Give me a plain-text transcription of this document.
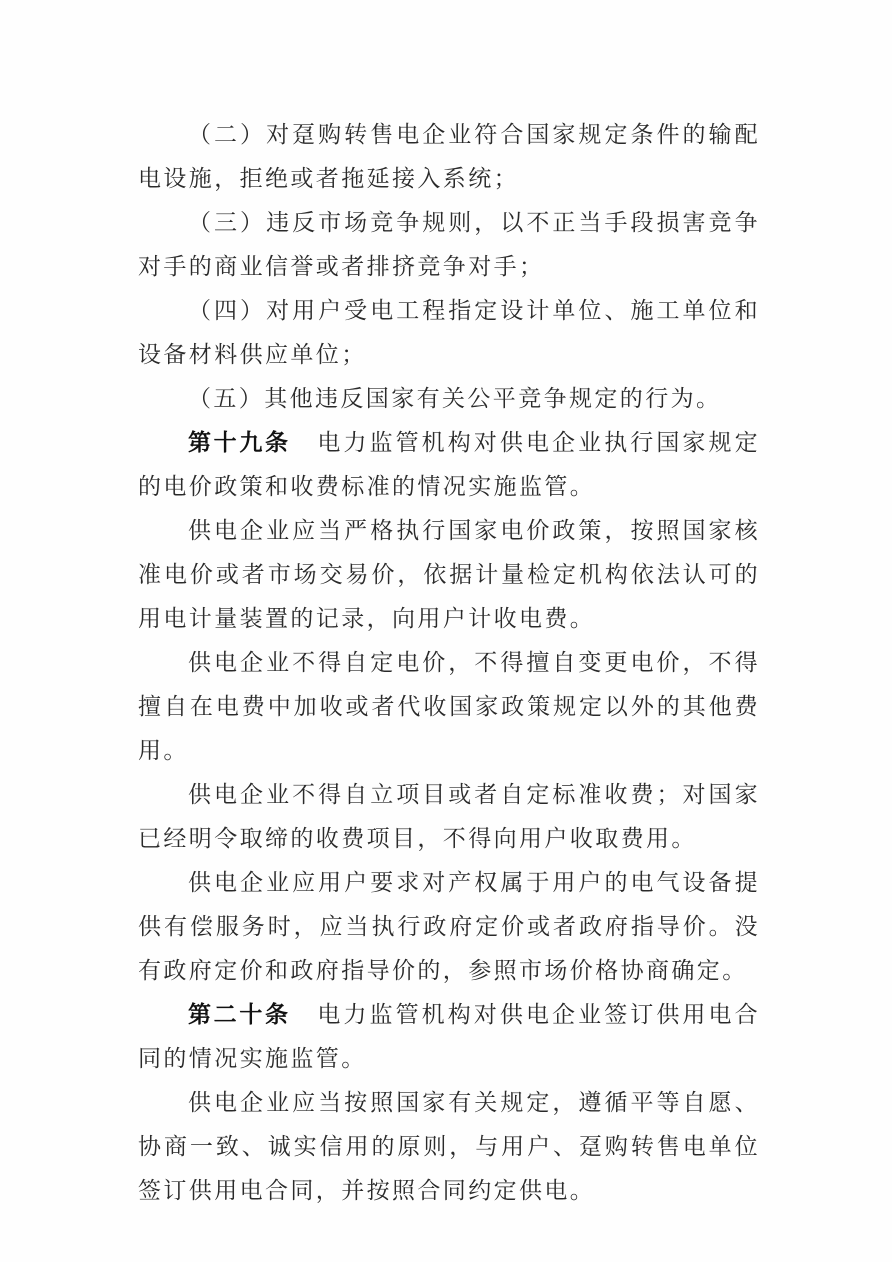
（二）对趸购转售电企业符合国家规定条件的输配电设施，拒绝或者拖延接入系统；

（三）违反市场竞争规则，以不正当手段损害竞争对手的商业信誉或者排挤竞争对手；

（四）对用户受电工程指定设计单位、施工单位和设备材料供应单位；

（五）其他违反国家有关公平竞争规定的行为。

第十九条 电力监管机构对供电企业执行国家规定的电价政策和收费标准的情况实施监管。

供电企业应当严格执行国家电价政策，按照国家核准电价或者市场交易价，依据计量检定机构依法认可的用电计量装置的记录，向用户计收电费。

供电企业不得自定电价，不得擅自变更电价，不得擅自在电费中加收或者代收国家政策规定以外的其他费用。

供电企业不得自立项目或者自定标准收费；对国家已经明令取缔的收费项目，不得向用户收取费用。

供电企业应用户要求对产权属于用户的电气设备提供有偿服务时，应当执行政府定价或者政府指导价。没有政府定价和政府指导价的，参照市场价格协商确定。

第二十条 电力监管机构对供电企业签订供用电合同的情况实施监管。

供电企业应当按照国家有关规定，遵循平等自愿、协商一致、诚实信用的原则，与用户、趸购转售电单位签订供用电合同，并按照合同约定供电。
